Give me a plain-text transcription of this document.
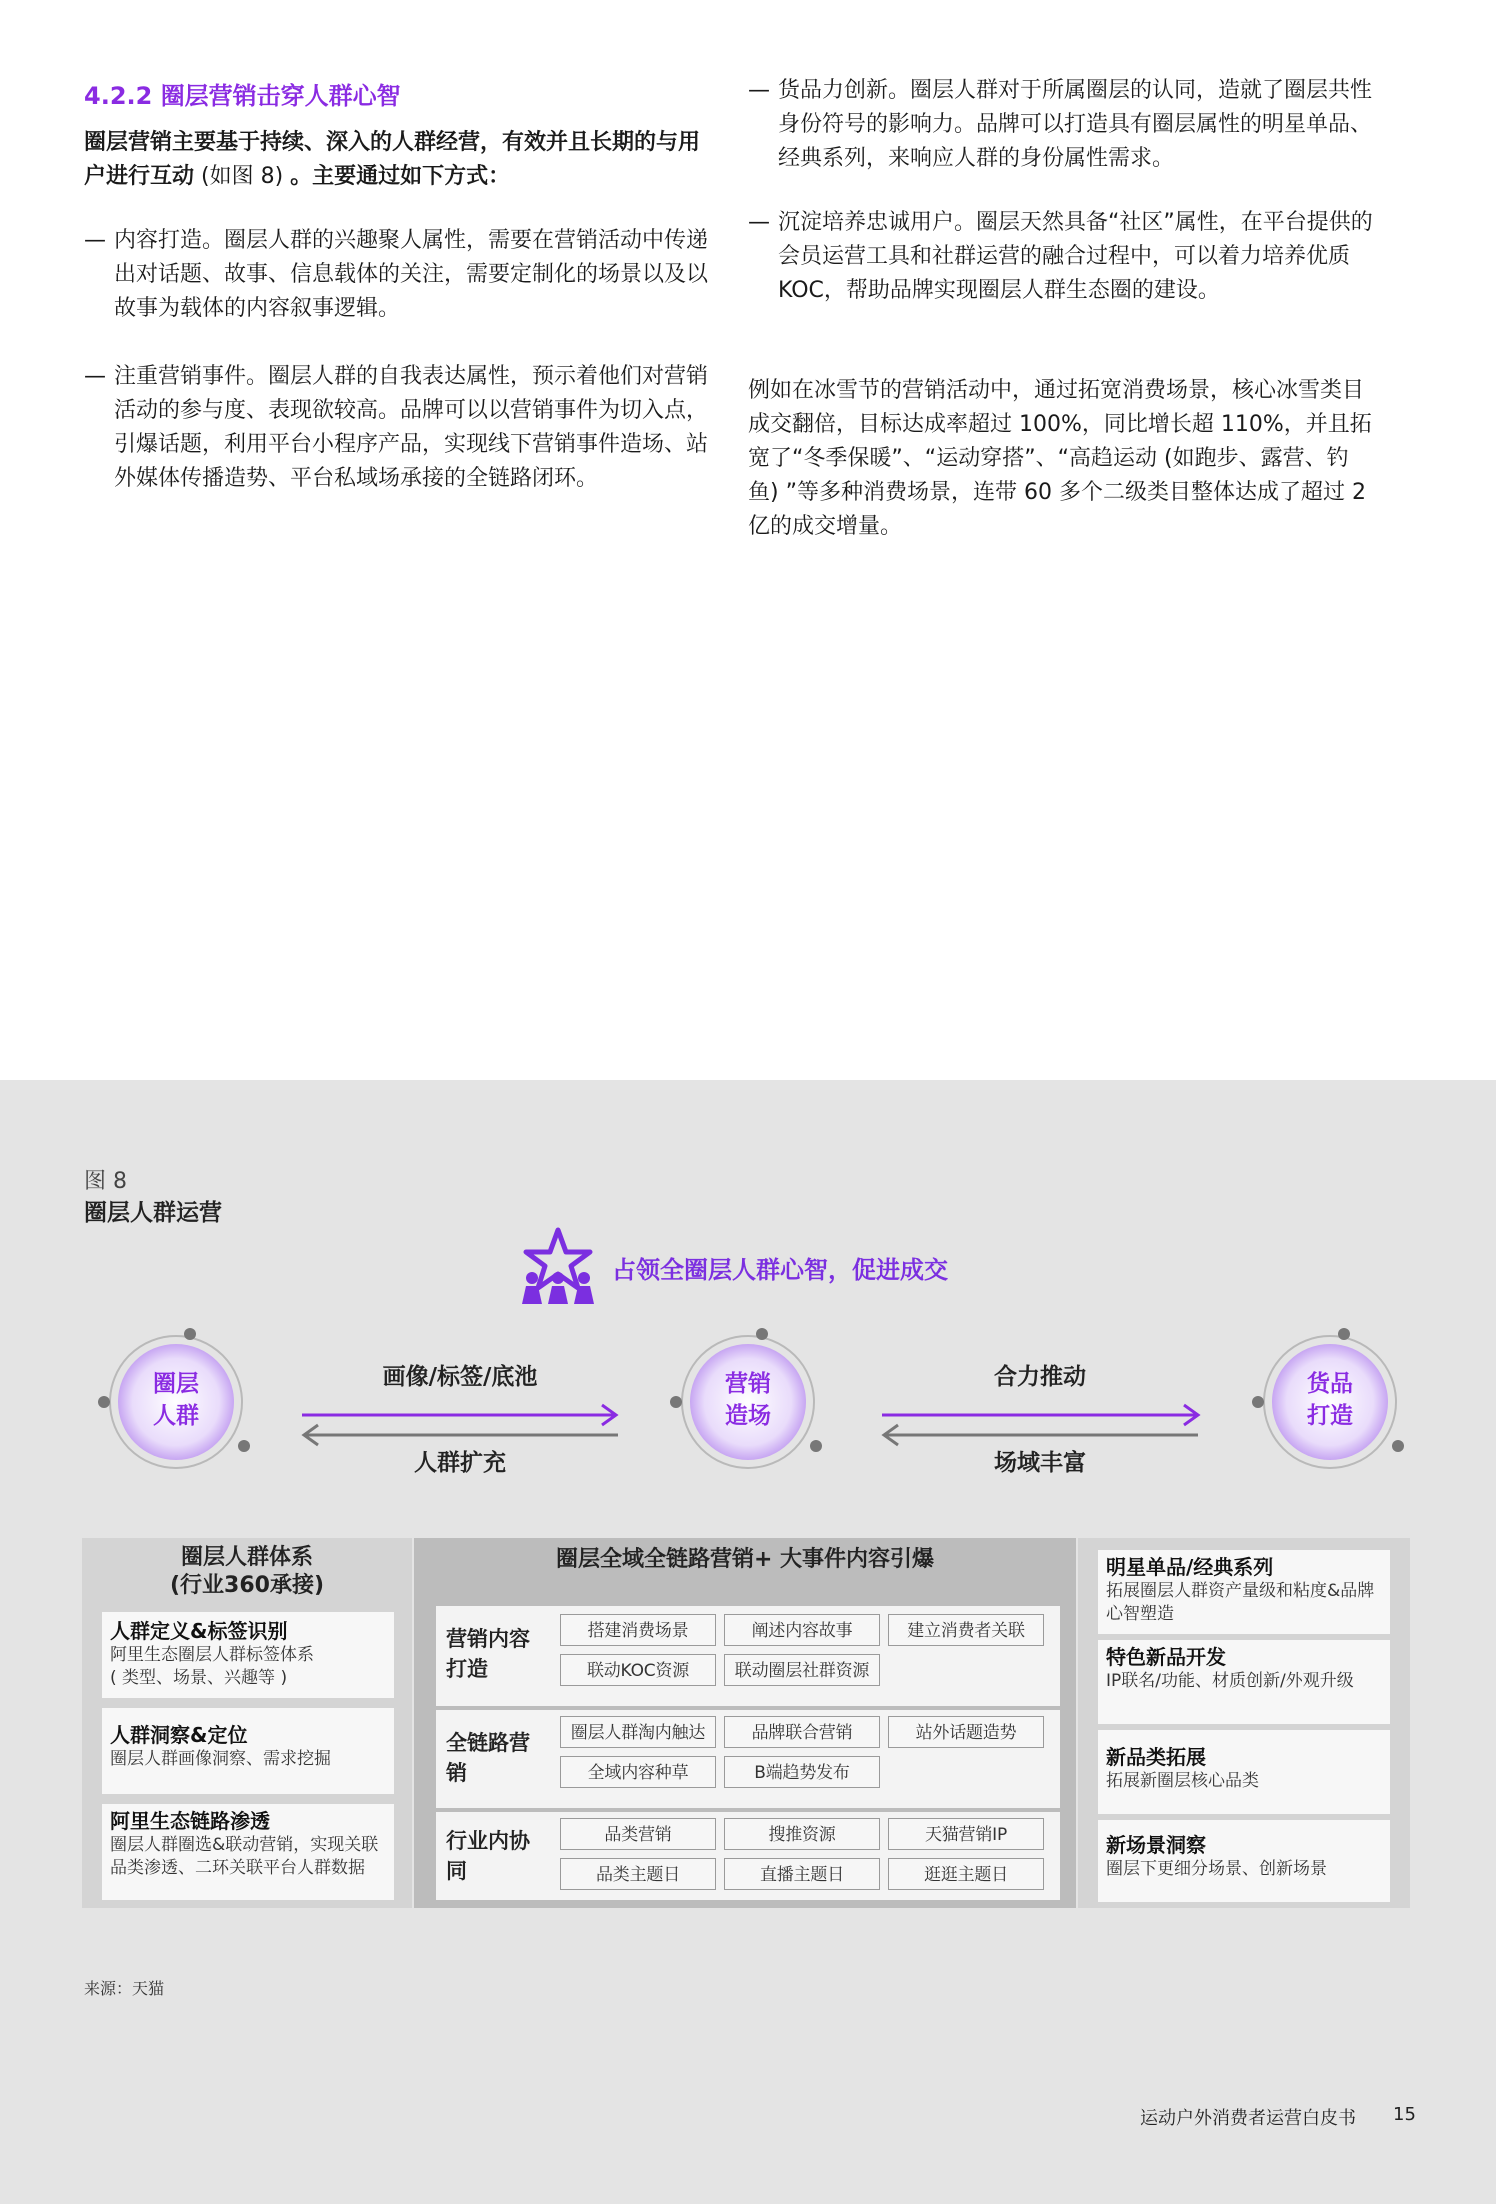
4.2.2 圈层营销击穿人群心智

圈层营销主要基于持续、深入的人群经营，有效并且长期的与用户进行互动 (如图 8) 。主要通过如下方式：

— 内容打造。圈层人群的兴趣聚人属性，需要在营销活动中传递出对话题、故事、信息载体的关注，需要定制化的场景以及以故事为载体的内容叙事逻辑。

— 注重营销事件。圈层人群的自我表达属性，预示着他们对营销活动的参与度、表现欲较高。品牌可以以营销事件为切入点，引爆话题，利用平台小程序产品，实现线下营销事件造场、站外媒体传播造势、平台私域场承接的全链路闭环。

— 货品力创新。圈层人群对于所属圈层的认同，造就了圈层共性身份符号的影响力。品牌可以打造具有圈层属性的明星单品、经典系列，来响应人群的身份属性需求。

— 沉淀培养忠诚用户。圈层天然具备“社区”属性，在平台提供的会员运营工具和社群运营的融合过程中，可以着力培养优质 KOC，帮助品牌实现圈层人群生态圈的建设。

例如在冰雪节的营销活动中，通过拓宽消费场景，核心冰雪类目成交翻倍，目标达成率超过 100%，同比增长超 110%，并且拓宽了“冬季保暖”、“运动穿搭”、“高趋运动 (如跑步、露营、钓鱼) ”等多种消费场景，连带 60 多个二级类目整体达成了超过 2 亿的成交增量。

图 8
圈层人群运营
占领全圈层人群心智，促进成交
圈层
人群
营销
造场
货品
打造
画像/标签/底池
人群扩充
合力推动
场域丰富
圈层人群体系
(行业360承接)
人群定义&标签识别
阿里生态圈层人群标签体系
( 类型、场景、兴趣等 )
人群洞察&定位
圈层人群画像洞察、需求挖掘
阿里生态链路渗透
圈层人群圈选&联动营销，实现关联品类渗透、二环关联平台人群数据
圈层全域全链路营销+ 大事件内容引爆
营销内容打造
搭建消费场景	阐述内容故事	建立消费者关联
联动KOC资源	联动圈层社群资源
全链路营销
圈层人群淘内触达	品牌联合营销	站外话题造势
全域内容种草	B端趋势发布
行业内协同
品类营销	搜推资源	天猫营销IP
品类主题日	直播主题日	逛逛主题日
明星单品/经典系列
拓展圈层人群资产量级和粘度&品牌心智塑造
特色新品开发
IP联名/功能、材质创新/外观升级
新品类拓展
拓展新圈层核心品类
新场景洞察
圈层下更细分场景、创新场景
来源：天猫
运动户外消费者运营白皮书 15
